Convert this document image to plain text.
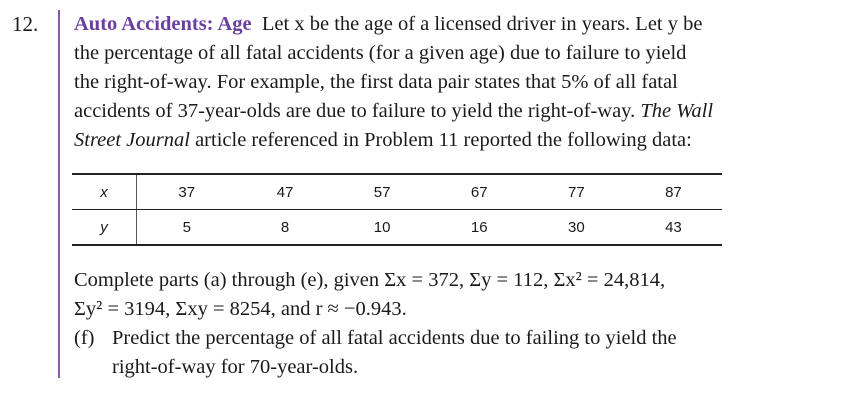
12. Auto Accidents: Age Let x be the age of a licensed driver in years. Let y be
the percentage of all fatal accidents (for a given age) due to failure to yield
the right-of-way. For example, the first data pair states that 5% of all fatal
accidents of 37-year-olds are due to failure to yield the right-of-way. The Wall
Street Journal article referenced in Problem 11 reported the following data:
x	37	47	57	67	77	87
y	5	8	10	16	30	43
Complete parts (a) through (e), given Σx = 372, Σy = 112, Σx² = 24,814,
Σy² = 3194, Σxy = 8254, and r ≈ −0.943.
(f) Predict the percentage of all fatal accidents due to failing to yield the
right-of-way for 70-year-olds.
